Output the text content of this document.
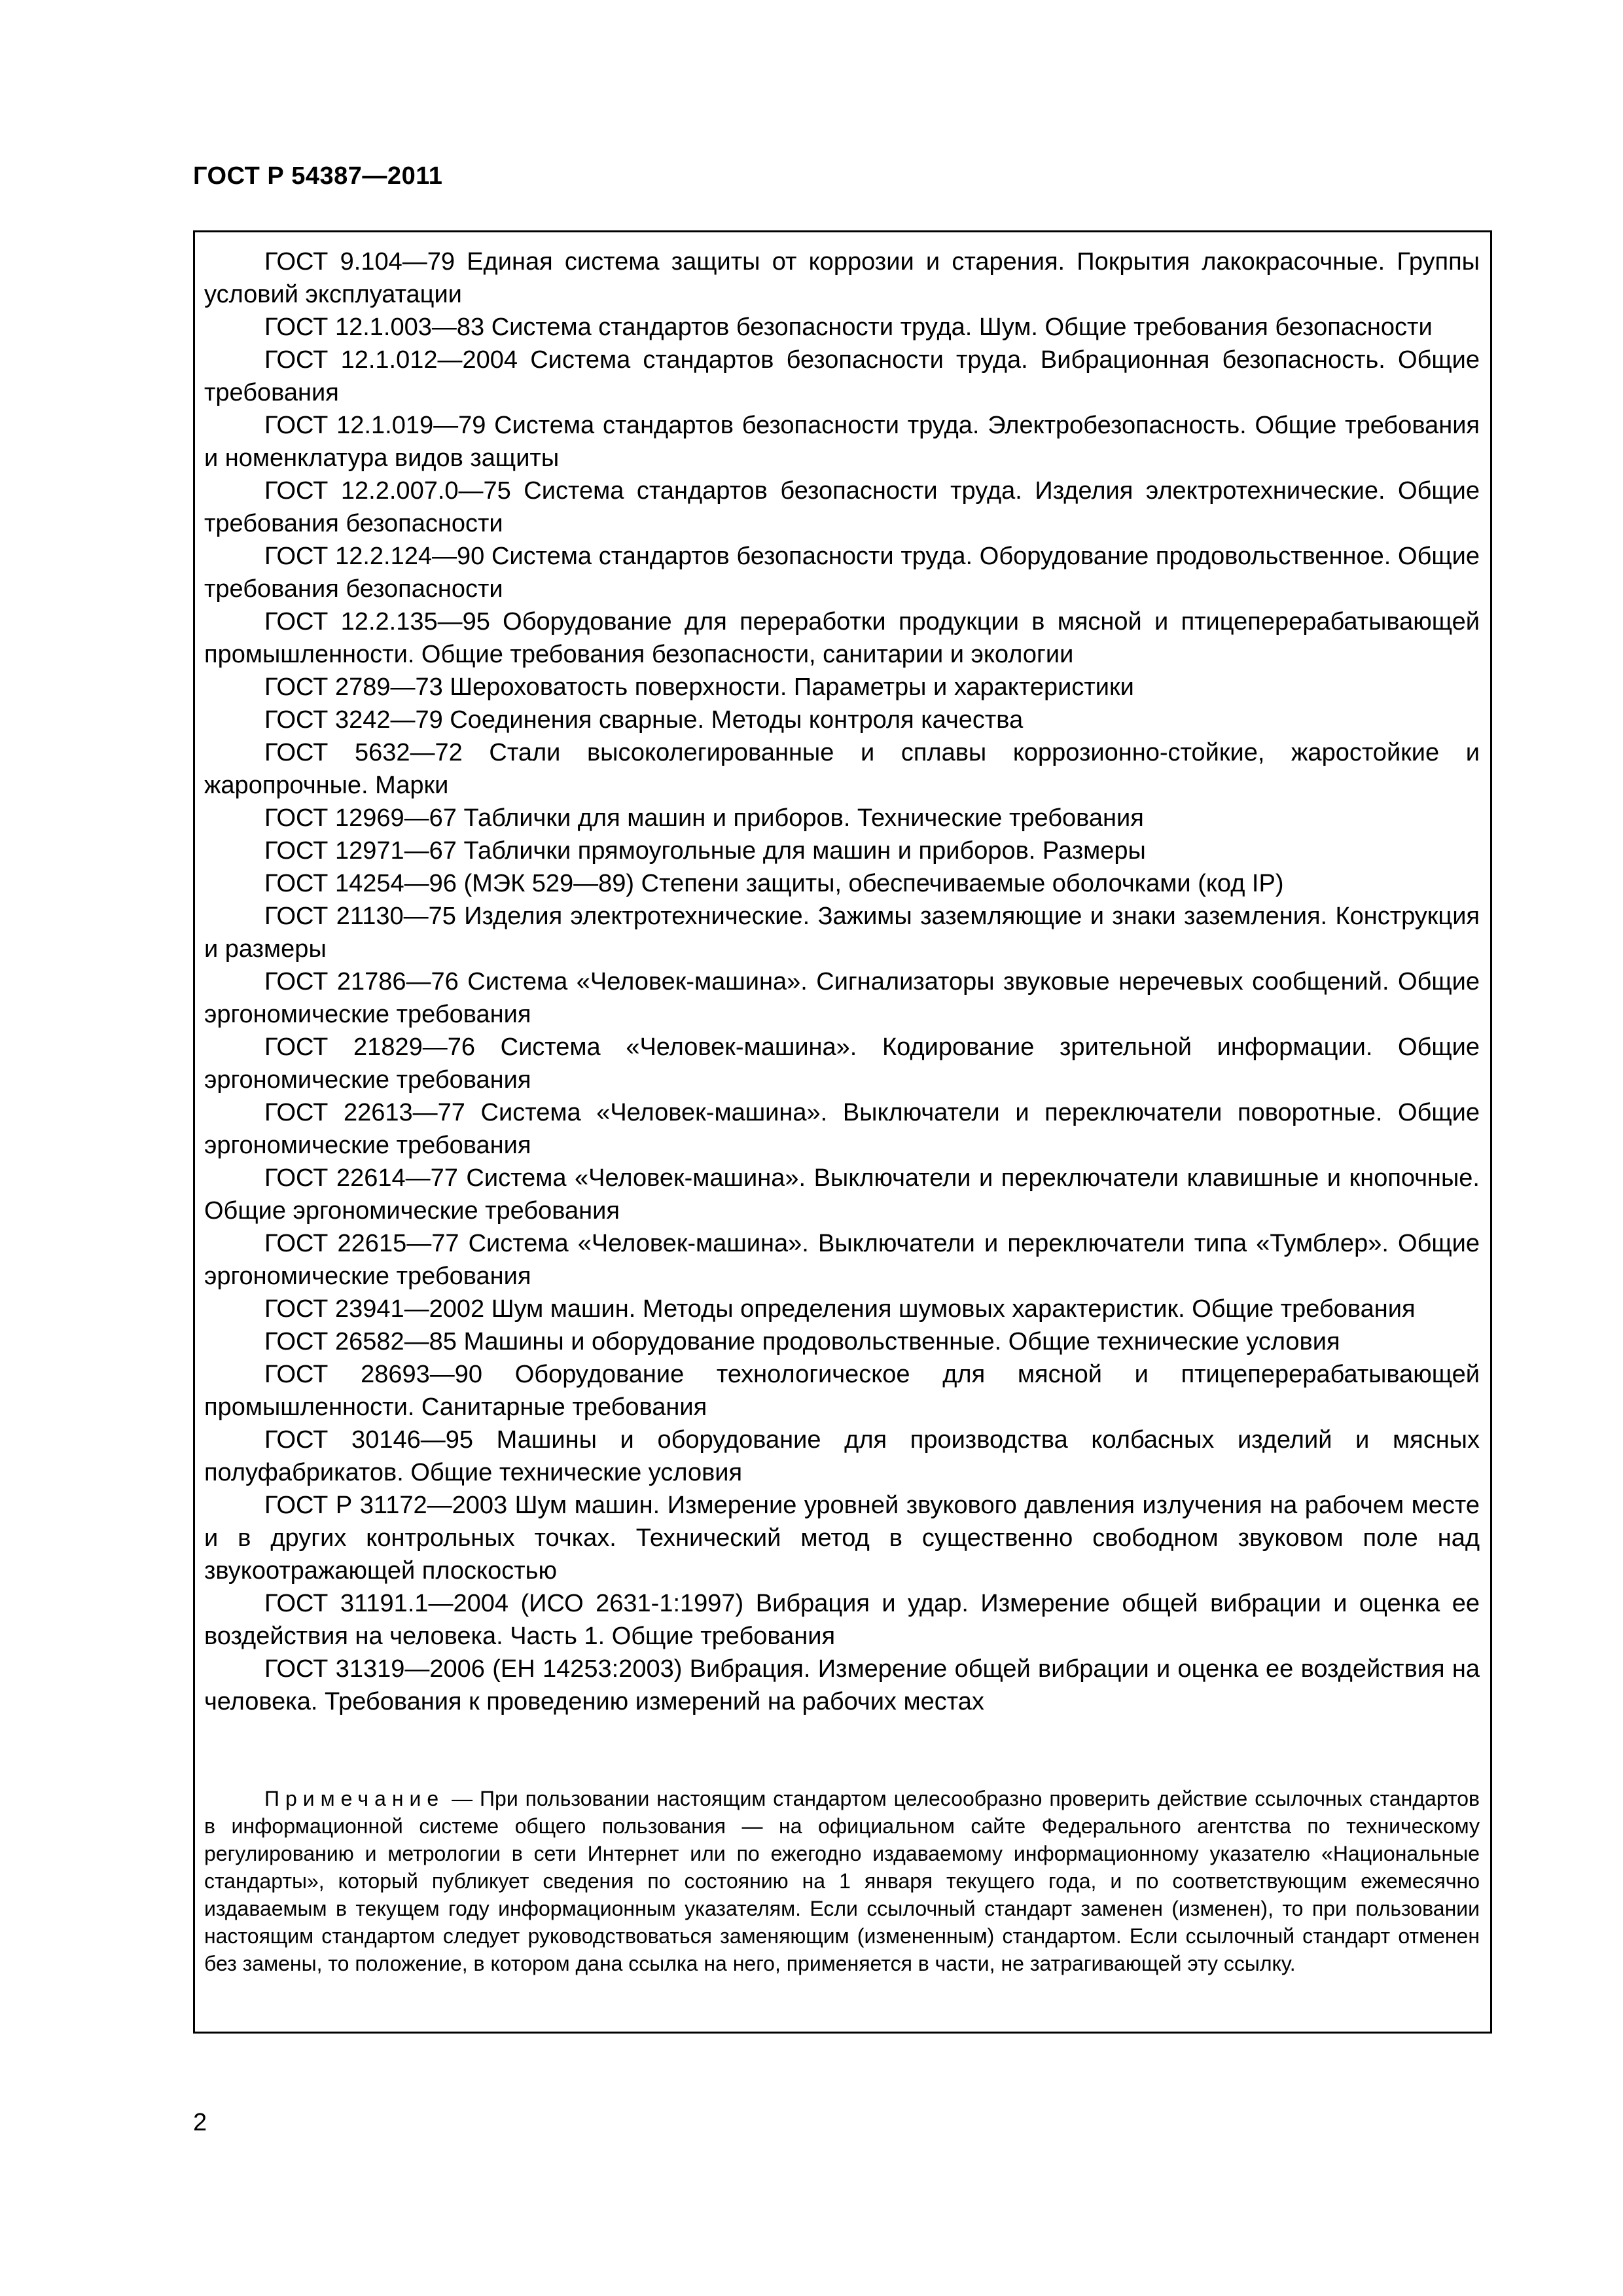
ГОСТ Р 54387—2011

ГОСТ 9.104—79 Единая система защиты от коррозии и старения. Покрытия лакокрасочные. Группы условий эксплуатации

ГОСТ 12.1.003—83 Система стандартов безопасности труда. Шум. Общие требования безопасности

ГОСТ 12.1.012—2004 Система стандартов безопасности труда. Вибрационная безопасность. Общие требования

ГОСТ 12.1.019—79 Система стандартов безопасности труда. Электробезопасность. Общие требования и номенклатура видов защиты

ГОСТ 12.2.007.0—75 Система стандартов безопасности труда. Изделия электротехнические. Общие требования безопасности

ГОСТ 12.2.124—90 Система стандартов безопасности труда. Оборудование продовольственное. Общие требования безопасности

ГОСТ 12.2.135—95 Оборудование для переработки продукции в мясной и птицеперерабатывающей промышленности. Общие требования безопасности, санитарии и экологии

ГОСТ 2789—73 Шероховатость поверхности. Параметры и характеристики

ГОСТ 3242—79 Соединения сварные. Методы контроля качества

ГОСТ 5632—72 Стали высоколегированные и сплавы коррозионно-стойкие, жаростойкие и жаропрочные. Марки

ГОСТ 12969—67 Таблички для машин и приборов. Технические требования

ГОСТ 12971—67 Таблички прямоугольные для машин и приборов. Размеры

ГОСТ 14254—96 (МЭК 529—89) Степени защиты, обеспечиваемые оболочками (код IP)

ГОСТ 21130—75 Изделия электротехнические. Зажимы заземляющие и знаки заземления. Конструкция и размеры

ГОСТ 21786—76 Система «Человек-машина». Сигнализаторы звуковые неречевых сообщений. Общие эргономические требования

ГОСТ 21829—76 Система «Человек-машина». Кодирование зрительной информации. Общие эргономические требования

ГОСТ 22613—77 Система «Человек-машина». Выключатели и переключатели поворотные. Общие эргономические требования

ГОСТ 22614—77 Система «Человек-машина». Выключатели и переключатели клавишные и кнопочные. Общие эргономические требования

ГОСТ 22615—77 Система «Человек-машина». Выключатели и переключатели типа «Тумблер». Общие эргономические требования

ГОСТ 23941—2002 Шум машин. Методы определения шумовых характеристик. Общие требования

ГОСТ 26582—85 Машины и оборудование продовольственные. Общие технические условия

ГОСТ 28693—90 Оборудование технологическое для мясной и птицеперерабатывающей промышленности. Санитарные требования

ГОСТ 30146—95 Машины и оборудование для производства колбасных изделий и мясных полуфабрикатов. Общие технические условия

ГОСТ Р 31172—2003 Шум машин. Измерение уровней звукового давления излучения на рабочем месте и в других контрольных точках. Технический метод в существенно свободном звуковом поле над звукоотражающей плоскостью

ГОСТ 31191.1—2004 (ИСО 2631-1:1997) Вибрация и удар. Измерение общей вибрации и оценка ее воздействия на человека. Часть 1. Общие требования

ГОСТ 31319—2006 (ЕН 14253:2003) Вибрация. Измерение общей вибрации и оценка ее воздействия на человека. Требования к проведению измерений на рабочих местах

Примечание — При пользовании настоящим стандартом целесообразно проверить действие ссылочных стандартов в информационной системе общего пользования — на официальном сайте Федерального агентства по техническому регулированию и метрологии в сети Интернет или по ежегодно издаваемому информационному указателю «Национальные стандарты», который публикует сведения по состоянию на 1 января текущего года, и по соответствующим ежемесячно издаваемым в текущем году информационным указателям. Если ссылочный стандарт заменен (изменен), то при пользовании настоящим стандартом следует руководствоваться заменяющим (измененным) стандартом. Если ссылочный стандарт отменен без замены, то положение, в котором дана ссылка на него, применяется в части, не затрагивающей эту ссылку.

2
